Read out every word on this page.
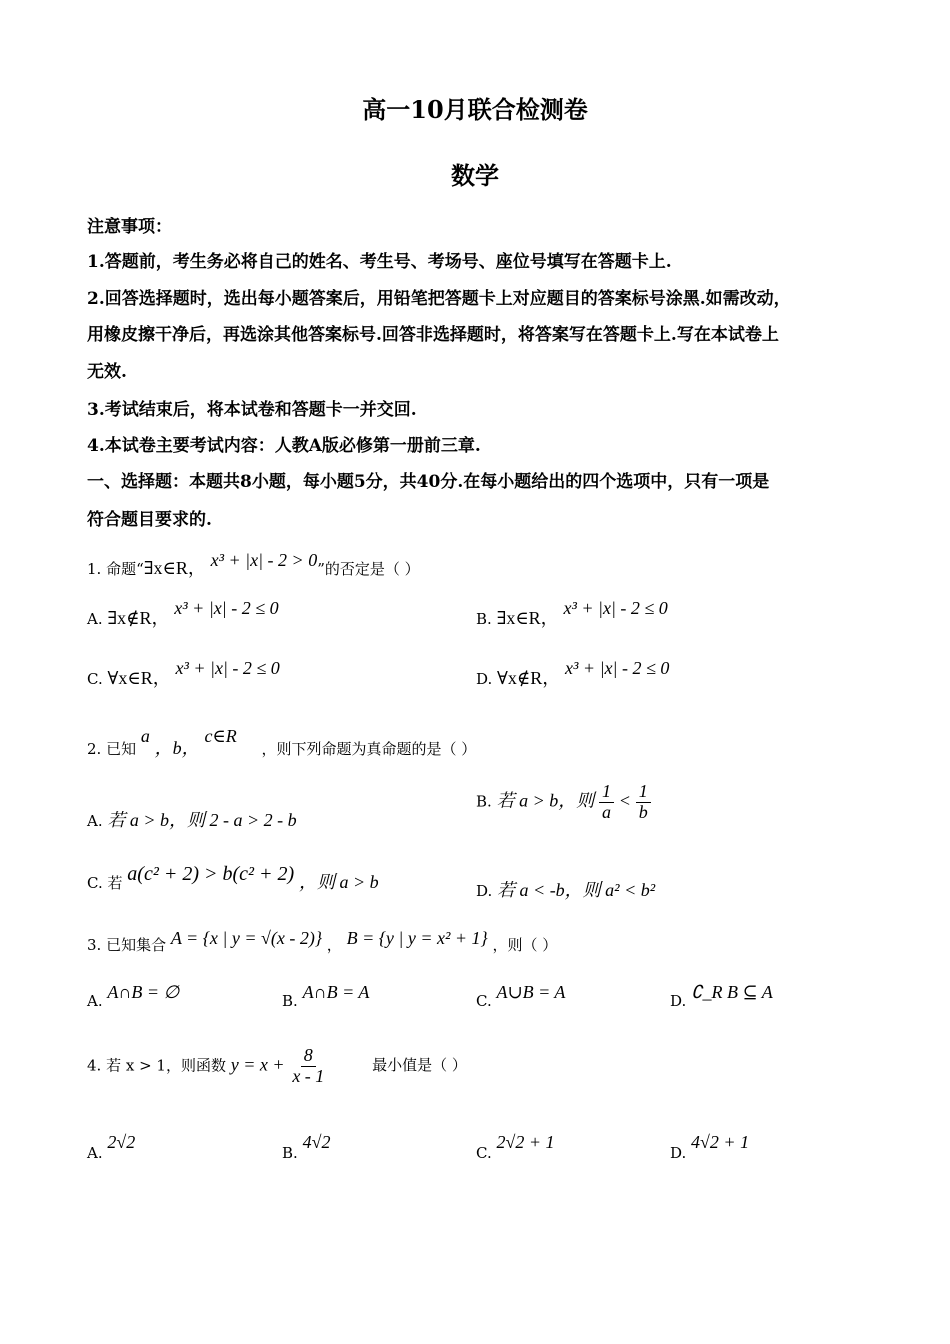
高一10月联合检测卷
数学
注意事项：
1.答题前，考生务必将自己的姓名、考生号、考场号、座位号填写在答题卡上.
2.回答选择题时，选出每小题答案后，用铅笔把答题卡上对应题目的答案标号涂黑.如需改动，
用橡皮擦干净后，再选涂其他答案标号.回答非选择题时，将答案写在答题卡上.写在本试卷上
无效.
3.考试结束后，将本试卷和答题卡一并交回.
4.本试卷主要考试内容：人教A版必修第一册前三章.
一、选择题：本题共8小题，每小题5分，共40分.在每小题给出的四个选项中，只有一项是
符合题目要求的.
1. 命题“∃x∈R， x³ + |x| - 2 > 0”的否定是（ ）
A. ∃x∉R， x³ + |x| - 2 ≤ 0
B. ∃x∈R， x³ + |x| - 2 ≤ 0
C. ∀x∈R， x³ + |x| - 2 ≤ 0
D. ∀x∉R， x³ + |x| - 2 ≤ 0
2. 已知 a ，b， c∈R ，则下列命题为真命题的是（ ）
A. 若 a > b，则 2 - a > 2 - b
B. 若 a > b，则 $\frac{1}{a} < \frac{1}{b}$
C. 若 a(c² + 2) > b(c² + 2) ，则 a > b	D. 若 a < -b，则 a² < b²
3. 已知集合 A = {x | y = √(x - 2)} ， B = {y | y = x² + 1} ，则（ ）
A. A∩B = ∅	B. A∩B = A	C. A∪B = A	D. ∁_R B ⊆ A
4. 若 x > 1，则函数 $y = x + \frac{8}{x - 1}$	最小值是（ ）
A. 2√2
B. 4√2
C. 2√2 + 1
D. 4√2 + 1
